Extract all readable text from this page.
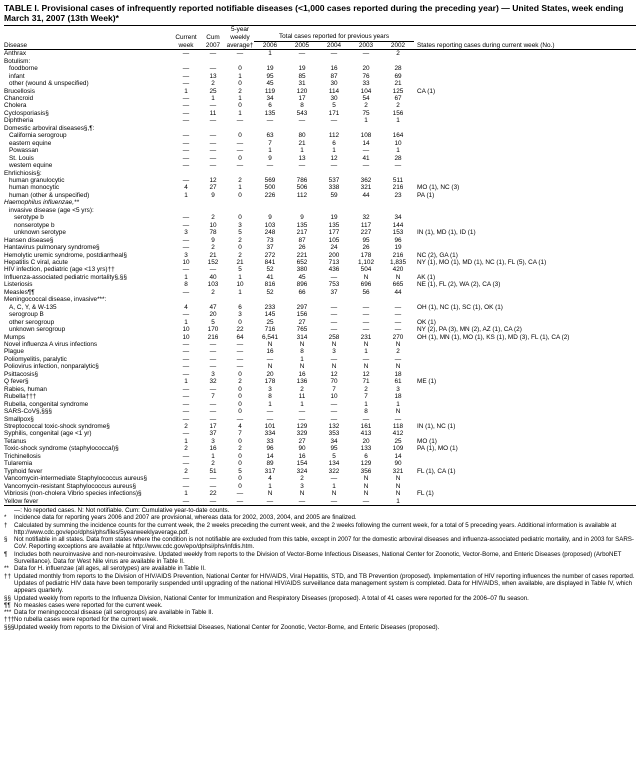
TABLE I. Provisional cases of infrequently reported notifiable diseases (<1,000 cases reported during the preceding year) — United States, week ending March 31, 2007 (13th Week)*
			5-year						
	Current	Cum	weekly	Total cases reported for previous years					
Disease	week	2007	average†	2006	2005	2004	2003	2002	States reporting cases during current week (No.)
Anthrax	—	—	—	1	—	—	—	2	
Botulism:									
foodborne	—	—	0	19	19	16	20	28	
infant	—	13	1	95	85	87	76	69	
other (wound & unspecified)	—	2	0	45	31	30	33	21	
Brucellosis	1	25	2	119	120	114	104	125	CA (1)
Chancroid	—	1	1	34	17	30	54	67	
Cholera	—	—	0	6	8	5	2	2	
Cyclosporiasis§	—	11	1	135	543	171	75	156	
Diphtheria	—	—	—	—	—	—	1	1	
Domestic arboviral diseases§,¶:									
California serogroup	—	—	0	63	80	112	108	164	
eastern equine	—	—	—	7	21	6	14	10	
Powassan	—	—	—	1	1	1	—	1	
St. Louis	—	—	0	9	13	12	41	28	
western equine	—	—	—	—	—	—	—	—	
Ehrlichiosis§:									
human granulocytic	—	12	2	569	786	537	362	511	
human monocytic	4	27	1	500	506	338	321	216	MO (1), NC (3)
human (other & unspecified)	1	9	0	226	112	59	44	23	PA (1)
Haemophilus influenzae,**									
invasive disease (age <5 yrs):									
serotype b	—	2	0	9	9	19	32	34	
nonserotype b	—	10	3	103	135	135	117	144	
unknown serotype	3	78	5	248	217	177	227	153	IN (1), MD (1), ID (1)
Hansen disease§	—	9	2	73	87	105	95	96	
Hantavirus pulmonary syndrome§	—	2	0	37	26	24	26	19	
Hemolytic uremic syndrome, postdiarrheal§	3	21	2	272	221	200	178	216	NC (2), GA (1)
Hepatitis C viral, acute	10	152	21	841	652	713	1,102	1,835	NY (1), MO (1), MD (1), NC (1), FL (5), CA (1)
HIV infection, pediatric (age <13 yrs)††	—	—	5	52	380	436	504	420	
Influenza-associated pediatric mortality§,§§	1	40	1	41	45	—	N	N	AK (1)
Listeriosis	8	103	10	816	896	753	696	665	NE (1), FL (2), WA (2), CA (3)
Measles¶¶	—	2	1	52	66	37	56	44	
Meningococcal disease, invasive***:									
A, C, Y, & W-135	4	47	6	233	297	—	—	—	OH (1), NC (1), SC (1), OK (1)
serogroup B	—	20	3	145	156	—	—	—	
other serogroup	1	5	0	25	27	—	—	—	OK (1)
unknown serogroup	10	170	22	716	765	—	—	—	NY (2), PA (3), MN (2), AZ (1), CA (2)
Mumps	10	216	64	6,541	314	258	231	270	OH (1), MN (1), MO (1), KS (1), MD (3), FL (1), CA (2)
Novel influenza A virus infections	—	—	—	N	N	N	N	N	
Plague	—	—	—	16	8	3	1	2	
Poliomyelitis, paralytic	—	—	—	—	1	—	—	—	
Poliovirus infection, nonparalytic§	—	—	—	N	N	N	N	N	
Psittacosis§	—	3	0	20	16	12	12	18	
Q fever§	1	32	2	178	136	70	71	61	ME (1)
Rabies, human	—	—	0	3	2	7	2	3	
Rubella†††	—	7	0	8	11	10	7	18	
Rubella, congenital syndrome	—	—	0	1	1	—	1	1	
SARS-CoV§,§§§	—	—	0	—	—	—	8	N	
Smallpox§	—	—	—	—	—	—	—	—	
Streptococcal toxic-shock syndrome§	2	17	4	101	129	132	161	118	IN (1), NC (1)
Syphilis, congenital (age <1 yr)	—	37	7	334	329	353	413	412	
Tetanus	1	3	0	33	27	34	20	25	MO (1)
Toxic-shock syndrome (staphylococcal)§	2	16	2	96	90	95	133	109	PA (1), MO (1)
Trichinellosis	—	1	0	14	16	5	6	14	
Tularemia	—	2	0	89	154	134	129	90	
Typhoid fever	2	51	5	317	324	322	356	321	FL (1), CA (1)
Vancomycin-intermediate Staphylococcus aureus§	—	—	0	4	2	—	N	N	
Vancomycin-resistant Staphylococcus aureus§	—	—	0	1	3	1	N	N	
Vibriosis (non-cholera Vibrio species infections)§	1	22	—	N	N	N	N	N	FL (1)
Yellow fever	—	—	—	—	—	—	—	1	
—: No reported cases. N: Not notifiable. Cum: Cumulative year-to-date counts.
*	Incidence data for reporting years 2006 and 2007 are provisional, whereas data for 2002, 2003, 2004, and 2005 are finalized.
†	Calculated by summing the incidence counts for the current week, the 2 weeks preceding the current week, and the 2 weeks following the current week, for a total of 5 preceding years. Additional information is available at http://www.cdc.gov/epo/dphsi/phs/files/5yearweeklyaverage.pdf.
§	Not notifiable in all states. Data from states where the condition is not notifiable are excluded from this table, except in 2007 for the domestic arboviral diseases and influenza-associated pediatric mortality, and in 2003 for SARS-CoV. Reporting exceptions are available at http://www.cdc.gov/epo/dphsi/phs/infdis.htm.
¶	Includes both neuroinvasive and non-neuroinvasive. Updated weekly from reports to the Division of Vector-Borne Infectious Diseases, National Center for Zoonotic, Vector-Borne, and Enteric Diseases (proposed) (ArboNET Surveillance). Data for West Nile virus are available in Table II.
** Data for H. influenzae (all ages, all serotypes) are available in Table II.
†† Updated monthly from reports to the Division of HIV/AIDS Prevention, National Center for HIV/AIDS, Viral Hepatitis, STD, and TB Prevention (proposed). Implementation of HIV reporting influences the number of cases reported. Updates of pediatric HIV data have been temporarily suspended until upgrading of the national HIV/AIDS surveillance data management system is completed. Data for HIV/AIDS, when available, are displayed in Table IV, which appears quarterly.
§§ Updated weekly from reports to the Influenza Division, National Center for Immunization and Respiratory Diseases (proposed). A total of 41 cases were reported for the 2006–07 flu season.
¶¶ No measles cases were reported for the current week.
*** Data for meningococcal disease (all serogroups) are available in Table II.
††† No rubella cases were reported for the current week.
§§§ Updated weekly from reports to the Division of Viral and Rickettsial Diseases, National Center for Zoonotic, Vector-Borne, and Enteric Diseases (proposed).
